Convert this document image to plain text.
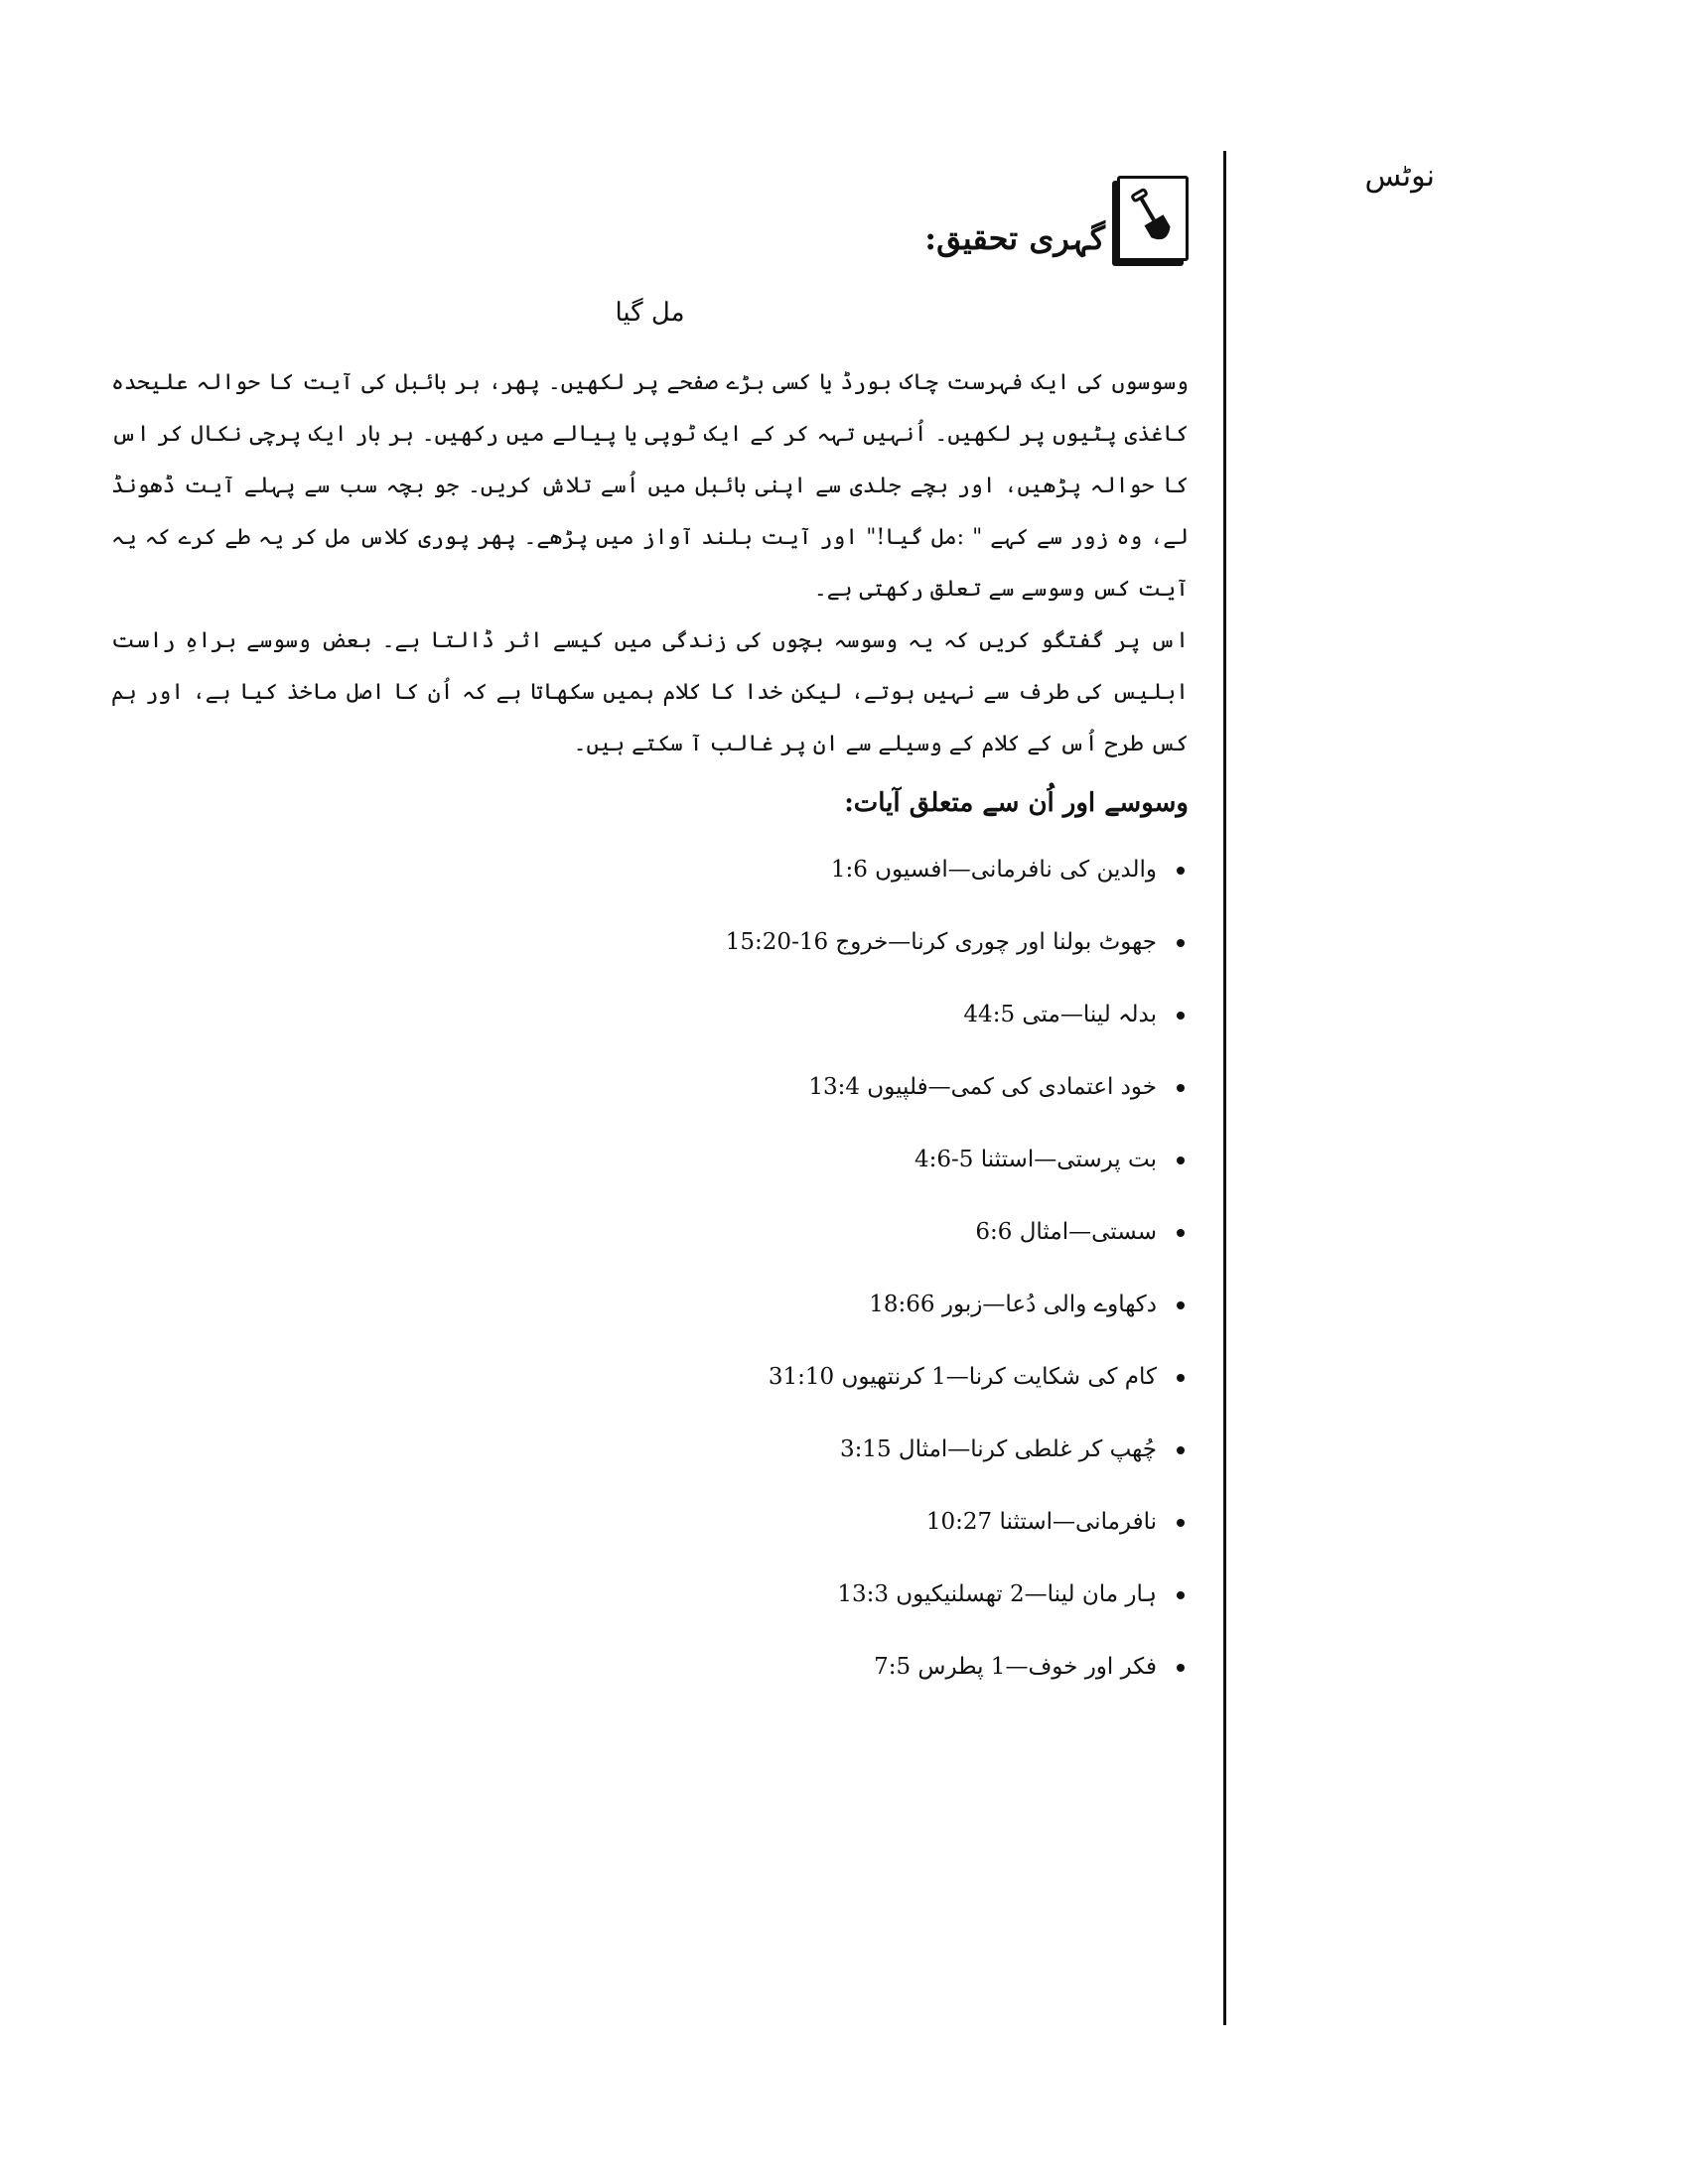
نوٹس
گہری تحقیق:
مل گیا

وسوسوں کی ایک فہرست چاک بورڈ یا کسی بڑے صفحے پر لکھیں۔ پھر، ہر بائبل کی آیت کا حوالہ علیحدہ کاغذی پٹیوں پر لکھیں۔ اُنہیں تہہ کر کے ایک ٹوپی یا پیالے میں رکھیں۔ ہر بار ایک پرچی نکال کر اس کا حوالہ پڑھیں، اور بچے جلدی سے اپنی بائبل میں اُسے تلاش کریں۔ جو بچہ سب سے پہلے آیت ڈھونڈ لے، وہ زور سے کہے " :مل گیا!" اور آیت بلند آواز میں پڑھے۔ پھر پوری کلاس مل کر یہ طے کرے کہ یہ آیت کس وسوسے سے تعلق رکھتی ہے۔

اس پر گفتگو کریں کہ یہ وسوسہ بچوں کی زندگی میں کیسے اثر ڈالتا ہے۔ بعض وسوسے براہِ راست ابلیس کی طرف سے نہیں ہوتے، لیکن خدا کا کلام ہمیں سکھاتا ہے کہ اُن کا اصل ماخذ کیا ہے، اور ہم کس طرح اُس کے کلام کے وسیلے سے ان پر غالب آ سکتے ہیں۔

وسوسے اور اُن سے متعلق آیات:
والدین کی نافرمانی—افسیوں 1:6
جھوٹ بولنا اور چوری کرنا—خروج 16-15:20
بدلہ لینا—متی 44:5
خود اعتمادی کی کمی—فلپیوں 13:4
بت پرستی—استثنا 5-4:6
سستی—امثال 6:6
دکھاوے والی دُعا—زبور 18:66
کام کی شکایت کرنا—1 کرنتھیوں 31:10
چُھپ کر غلطی کرنا—امثال 3:15
نافرمانی—استثنا 10:27
ہار مان لینا—2 تھسلنیکیوں 13:3
فکر اور خوف—1 پطرس 7:5
